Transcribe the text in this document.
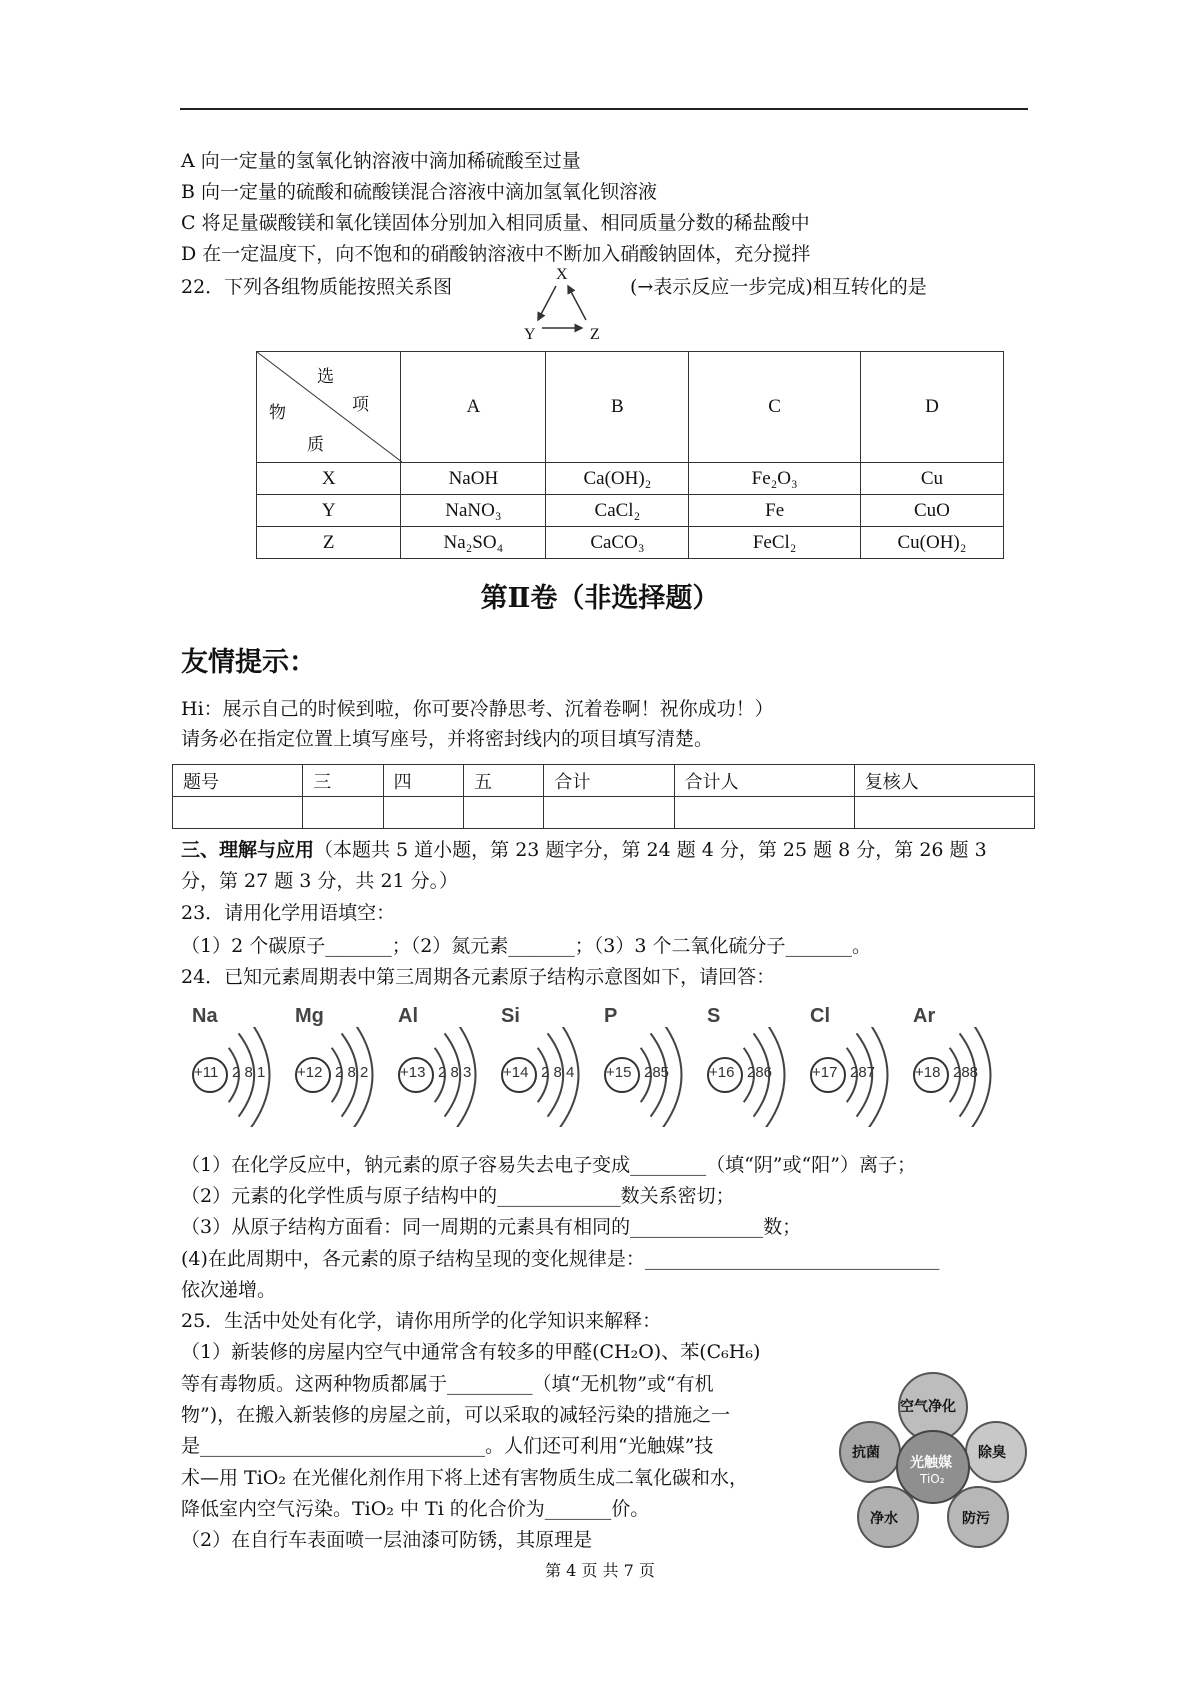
A 向一定量的氢氧化钠溶液中滴加稀硫酸至过量
B 向一定量的硫酸和硫酸镁混合溶液中滴加氢氧化钡溶液
C 将足量碳酸镁和氧化镁固体分别加入相同质量、相同质量分数的稀盐酸中
D 在一定温度下，向不饱和的硝酸钠溶液中不断加入硝酸钠固体，充分搅拌
22．下列各组物质能按照关系图	(→表示反应一步完成)相互转化的是
X
Y	Z
选
项
物
质	A	B	C	D
X	NaOH	Ca(OH)₂	Fe₂O₃	Cu
Y	NaNO₃	CaCl₂	Fe	CuO
Z	Na₂SO₄	CaCO₃	FeCl₂	Cu(OH)₂
第Ⅱ卷（非选择题）
友情提示：
Hi：展示自己的时候到啦，你可要冷静思考、沉着卷啊！祝你成功！）
请务必在指定位置上填写座号，并将密封线内的项目填写清楚。
题号	三	四	五	合计	合计人	复核人

三、理解与应用（本题共 5 道小题，第 23 题字分，第 24 题 4 分，第 25 题 8 分，第 26 题 3
分，第 27 题 3 分，共 21 分。）
23．请用化学用语填空：
（1）2 个碳原子_______；（2）氮元素_______；（3）3 个二氧化硫分子_______。
24．已知元素周期表中第三周期各元素原子结构示意图如下，请回答：
Na
+11 2 8 1
Mg
+12 2 8 2
Al
+13 2 8 3
Si
+14 2 8 4
P
+15 285
S
+16 286
Cl
+17 287
Ar
+18 288
（1）在化学反应中，钠元素的原子容易失去电子变成________（填“阴”或“阳”）离子；
（2）元素的化学性质与原子结构中的_____________数关系密切；
（3）从原子结构方面看：同一周期的元素具有相同的______________数；
(4)在此周期中，各元素的原子结构呈现的变化规律是：_______________________________
依次递增。
25．生活中处处有化学，请你用所学的化学知识来解释：
（1）新装修的房屋内空气中通常含有较多的甲醛(CH₂O)、苯(C₆H₆)
等有毒物质。这两种物质都属于_________（填“无机物”或“有机
物”)，在搬入新装修的房屋之前，可以采取的减轻污染的措施之一
是______________________________。人们还可利用“光触媒”技
术—用 TiO₂ 在光催化剂作用下将上述有害物质生成二氧化碳和水，
降低室内空气污染。TiO₂ 中 Ti 的化合价为_______价。
（2）在自行车表面喷一层油漆可防锈，其原理是
空气净化
除臭
防污
净水
抗菌
光触媒
TiO₂
第 4 页 共 7 页
